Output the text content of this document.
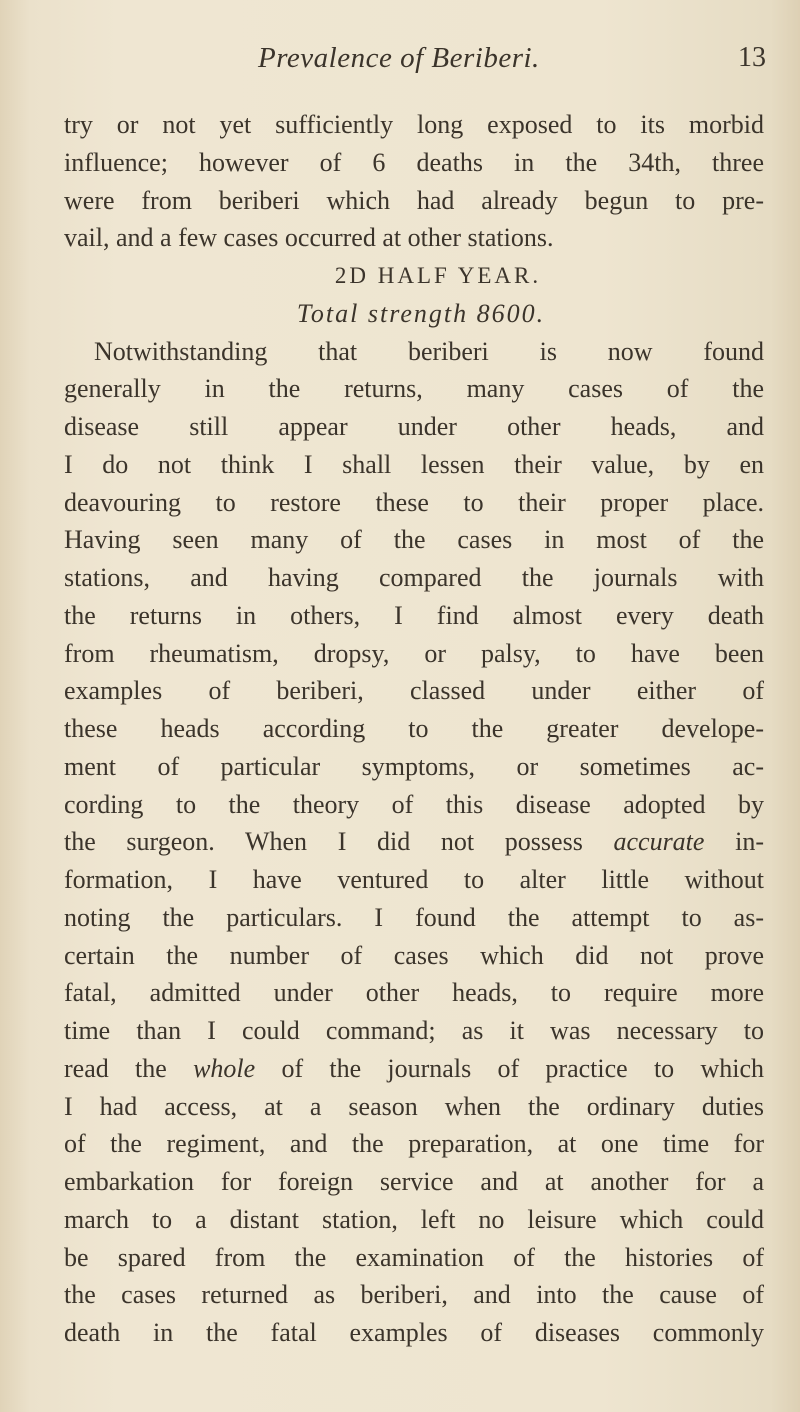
Prevalence of Beriberi.	13
try or not yet sufficiently long exposed to its morbid
influence; however of 6 deaths in the 34th, three
were from beriberi which had already begun to pre-
vail, and a few cases occurred at other stations.
2D HALF YEAR.
Total strength 8600.
Notwithstanding that beriberi is now found
generally in the returns, many cases of the
disease still appear under other heads, and
I do not think I shall lessen their value, by en
deavouring to restore these to their proper place.
Having seen many of the cases in most of the
stations, and having compared the journals with
the returns in others, I find almost every death
from rheumatism, dropsy, or palsy, to have been
examples of beriberi, classed under either of
these heads according to the greater develope-
ment of particular symptoms, or sometimes ac-
cording to the theory of this disease adopted by
the surgeon. When I did not possess accurate in-
formation, I have ventured to alter little without
noting the particulars. I found the attempt to as-
certain the number of cases which did not prove
fatal, admitted under other heads, to require more
time than I could command; as it was necessary to
read the whole of the journals of practice to which
I had access, at a season when the ordinary duties
of the regiment, and the preparation, at one time for
embarkation for foreign service and at another for a
march to a distant station, left no leisure which could
be spared from the examination of the histories of
the cases returned as beriberi, and into the cause of
death in the fatal examples of diseases commonly
